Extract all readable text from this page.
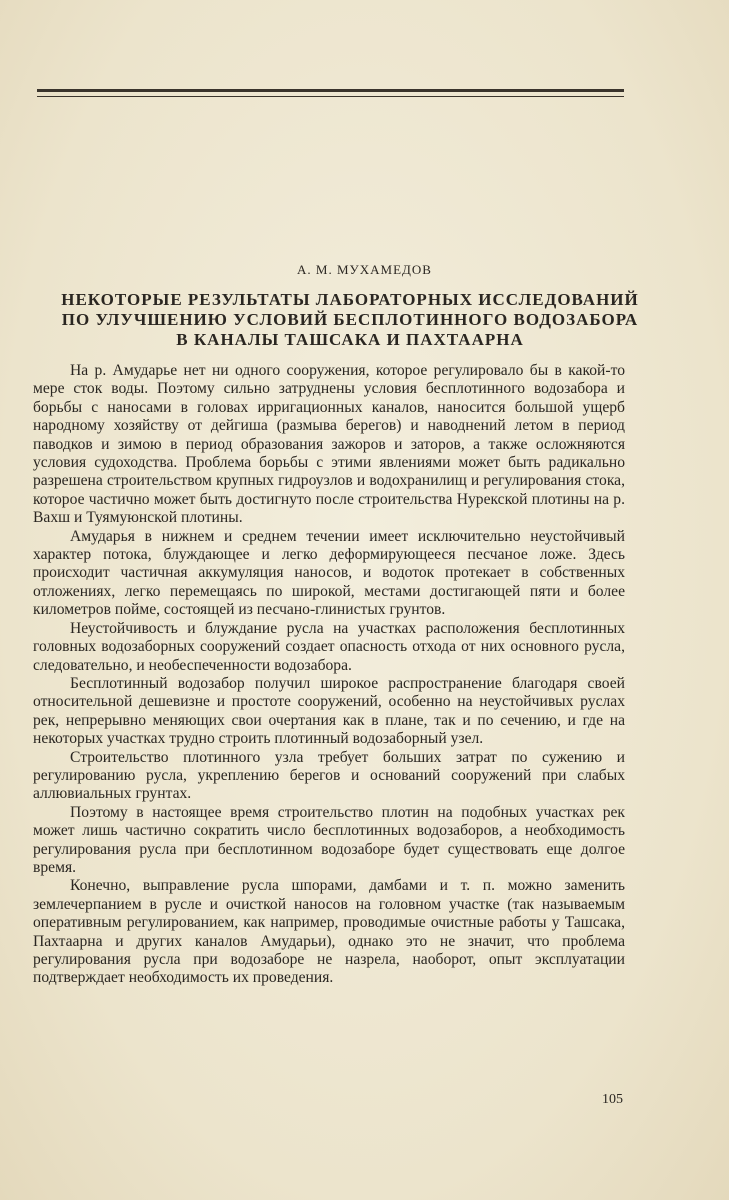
А. М. МУХАМЕДОВ
НЕКОТОРЫЕ РЕЗУЛЬТАТЫ ЛАБОРАТОРНЫХ ИССЛЕДОВАНИЙ
ПО УЛУЧШЕНИЮ УСЛОВИЙ БЕСПЛОТИННОГО ВОДОЗАБОРА
В КАНАЛЫ ТАШСАКА И ПАХТААРНА

На р. Амударье нет ни одного сооружения, которое регулировало бы в какой-то мере сток воды. Поэтому сильно затруднены условия бесплотинного водозабора и борьбы с наносами в головах ирригационных каналов, наносится большой ущерб народному хозяйству от дейгиша (размыва берегов) и наводнений летом в период паводков и зимою в период образования зажоров и заторов, а также осложняются условия судоходства. Проблема борьбы с этими явлениями может быть радикально разрешена строительством крупных гидроузлов и водохранилищ и регулирования стока, которое частично может быть достигнуто после строительства Нурекской плотины на р. Вахш и Туямуюнской плотины.

Амударья в нижнем и среднем течении имеет исключительно неустойчивый характер потока, блуждающее и легко деформирующееся песчаное ложе. Здесь происходит частичная аккумуляция наносов, и водоток протекает в собственных отложениях, легко перемещаясь по широкой, местами достигающей пяти и более километров пойме, состоящей из песчано-глинистых грунтов.

Неустойчивость и блуждание русла на участках расположения бесплотинных головных водозаборных сооружений создает опасность отхода от них основного русла, следовательно, и необеспеченности водозабора.

Бесплотинный водозабор получил широкое распространение благодаря своей относительной дешевизне и простоте сооружений, особенно на неустойчивых руслах рек, непрерывно меняющих свои очертания как в плане, так и по сечению, и где на некоторых участках трудно строить плотинный водозаборный узел.

Строительство плотинного узла требует больших затрат по сужению и регулированию русла, укреплению берегов и оснований сооружений при слабых аллювиальных грунтах.

Поэтому в настоящее время строительство плотин на подобных участках рек может лишь частично сократить число бесплотинных водозаборов, а необходимость регулирования русла при бесплотинном водозаборе будет существовать еще долгое время.

Конечно, выправление русла шпорами, дамбами и т. п. можно заменить землечерпанием в русле и очисткой наносов на головном участке (так называемым оперативным регулированием, как например, проводимые очистные работы у Ташсака, Пахтаарна и других каналов Амударьи), однако это не значит, что проблема регулирования русла при водозаборе не назрела, наоборот, опыт эксплуатации подтверждает необходимость их проведения.

105
